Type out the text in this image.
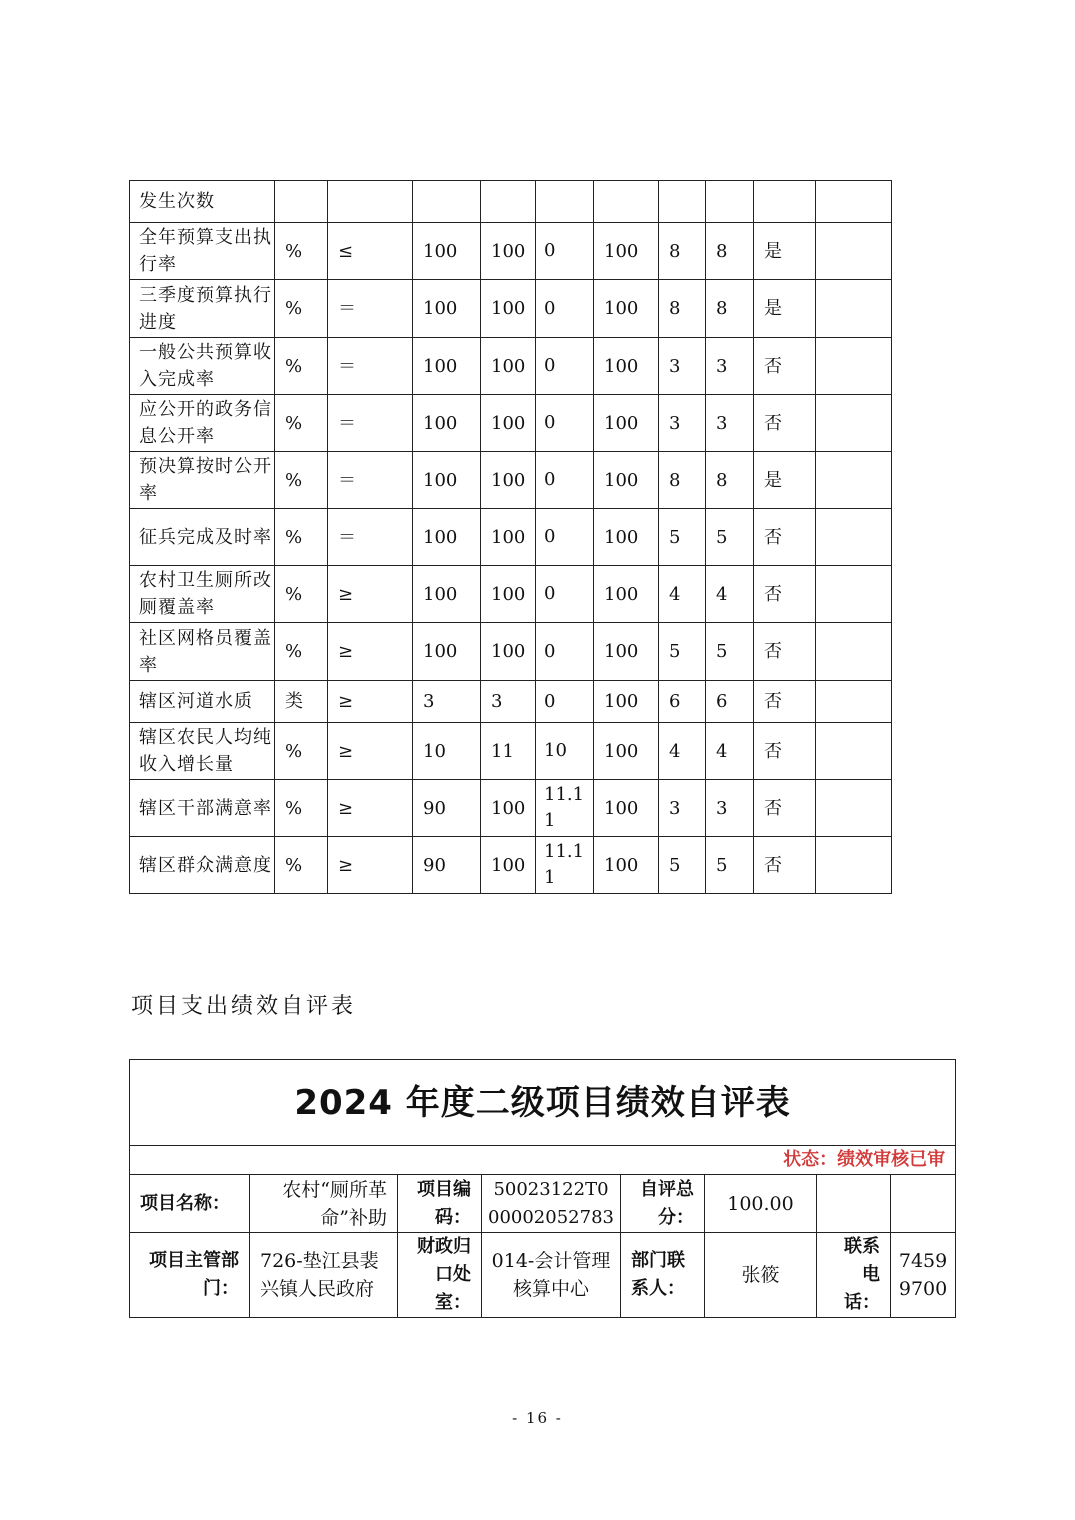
发生次数										
全年预算支出执行率	%	≤	100	100	0	100	8	8	是	
三季度预算执行进度	%	＝	100	100	0	100	8	8	是	
一般公共预算收入完成率	%	＝	100	100	0	100	3	3	否	
应公开的政务信息公开率	%	＝	100	100	0	100	3	3	否	
预决算按时公开率	%	＝	100	100	0	100	8	8	是	
征兵完成及时率	%	＝	100	100	0	100	5	5	否	
农村卫生厕所改厕覆盖率	%	≥	100	100	0	100	4	4	否	
社区网格员覆盖率	%	≥	100	100	0	100	5	5	否	
辖区河道水质	类	≥	3	3	0	100	6	6	否	
辖区农民人均纯收入增长量	%	≥	10	11	10	100	4	4	否	
辖区干部满意率	%	≥	90	100	11.11	100	3	3	否	
辖区群众满意度	%	≥	90	100	11.11	100	5	5	否	
项目支出绩效自评表
2024 年度二级项目绩效自评表							
状态：绩效审核已审							
项目名称：	农村“厕所革命”补助	项目编码：	50023122T000002052783	自评总分：	100.00		
项目主管部门：	726-垫江县裴兴镇人民政府	财政归口处室：	014-会计管理核算中心	部门联系人：	张筱	联系电话：	74599700
- 16 -
